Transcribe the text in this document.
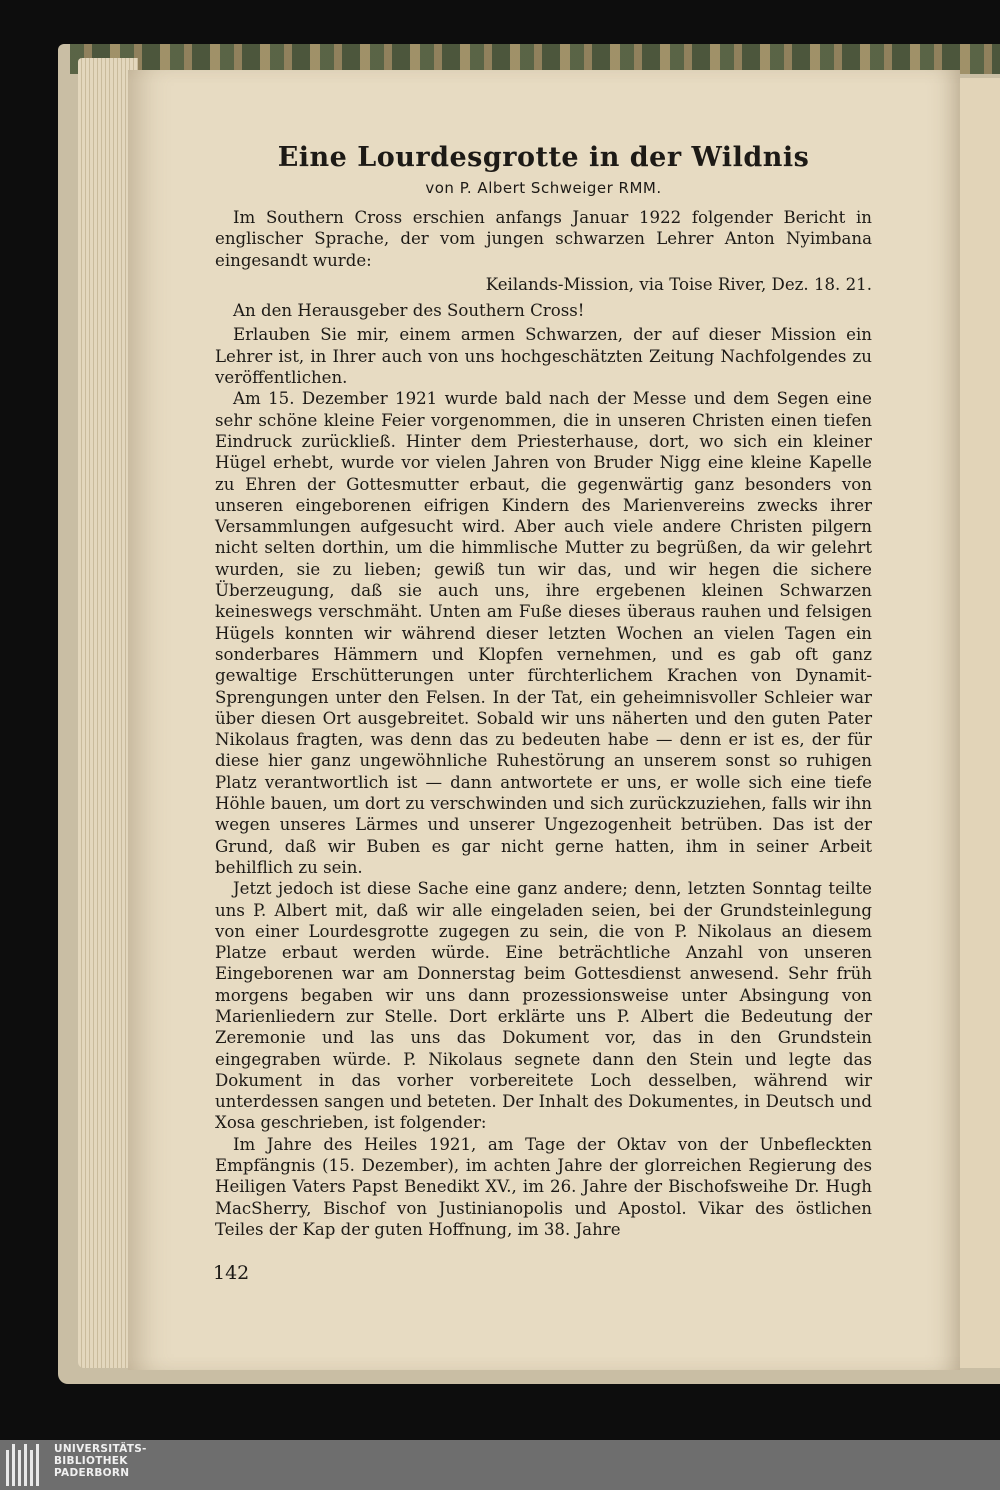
Eine Lourdesgrotte in der Wildnis

von P. Albert Schweiger RMM.

Im Southern Cross erschien anfangs Januar 1922 folgender Bericht in englischer Sprache, der vom jungen schwarzen Lehrer Anton Nyimbana eingesandt wurde:

Keilands-Mission, via Toise River, Dez. 18. 21.

An den Herausgeber des Southern Cross!

Erlauben Sie mir, einem armen Schwarzen, der auf dieser Mission ein Lehrer ist, in Ihrer auch von uns hochgeschätzten Zeitung Nachfolgendes zu veröffentlichen.

Am 15. Dezember 1921 wurde bald nach der Messe und dem Segen eine sehr schöne kleine Feier vorgenommen, die in unseren Christen einen tiefen Eindruck zurückließ. Hinter dem Priesterhause, dort, wo sich ein kleiner Hügel erhebt, wurde vor vielen Jahren von Bruder Nigg eine kleine Kapelle zu Ehren der Gottesmutter erbaut, die gegenwärtig ganz besonders von unseren eingeborenen eifrigen Kindern des Marienvereins zwecks ihrer Versammlungen aufgesucht wird. Aber auch viele andere Christen pilgern nicht selten dorthin, um die himmlische Mutter zu begrüßen, da wir gelehrt wurden, sie zu lieben; gewiß tun wir das, und wir hegen die sichere Überzeugung, daß sie auch uns, ihre ergebenen kleinen Schwarzen keineswegs verschmäht. Unten am Fuße dieses überaus rauhen und felsigen Hügels konnten wir während dieser letzten Wochen an vielen Tagen ein sonderbares Hämmern und Klopfen vernehmen, und es gab oft ganz gewaltige Erschütterungen unter fürchterlichem Krachen von Dynamit-Sprengungen unter den Felsen. In der Tat, ein geheimnisvoller Schleier war über diesen Ort ausgebreitet. Sobald wir uns näherten und den guten Pater Nikolaus fragten, was denn das zu bedeuten habe — denn er ist es, der für diese hier ganz ungewöhnliche Ruhestörung an unserem sonst so ruhigen Platz verantwortlich ist — dann antwortete er uns, er wolle sich eine tiefe Höhle bauen, um dort zu verschwinden und sich zurückzuziehen, falls wir ihn wegen unseres Lärmes und unserer Ungezogenheit betrüben. Das ist der Grund, daß wir Buben es gar nicht gerne hatten, ihm in seiner Arbeit behilflich zu sein.

Jetzt jedoch ist diese Sache eine ganz andere; denn, letzten Sonntag teilte uns P. Albert mit, daß wir alle eingeladen seien, bei der Grundsteinlegung von einer Lourdesgrotte zugegen zu sein, die von P. Nikolaus an diesem Platze erbaut werden würde. Eine beträchtliche Anzahl von unseren Eingeborenen war am Donnerstag beim Gottesdienst anwesend. Sehr früh morgens begaben wir uns dann prozessionsweise unter Absingung von Marienliedern zur Stelle. Dort erklärte uns P. Albert die Bedeutung der Zeremonie und las uns das Dokument vor, das in den Grundstein eingegraben würde. P. Nikolaus segnete dann den Stein und legte das Dokument in das vorher vorbereitete Loch desselben, während wir unterdessen sangen und beteten. Der Inhalt des Dokumentes, in Deutsch und Xosa geschrieben, ist folgender:

Im Jahre des Heiles 1921, am Tage der Oktav von der Unbefleckten Empfängnis (15. Dezember), im achten Jahre der glorreichen Regierung des Heiligen Vaters Papst Benedikt XV., im 26. Jahre der Bischofsweihe Dr. Hugh MacSherry, Bischof von Justinianopolis und Apostol. Vikar des östlichen Teiles der Kap der guten Hoffnung, im 38. Jahre

142
UNIVERSITÄTS-
BIBLIOTHEK
PADERBORN
